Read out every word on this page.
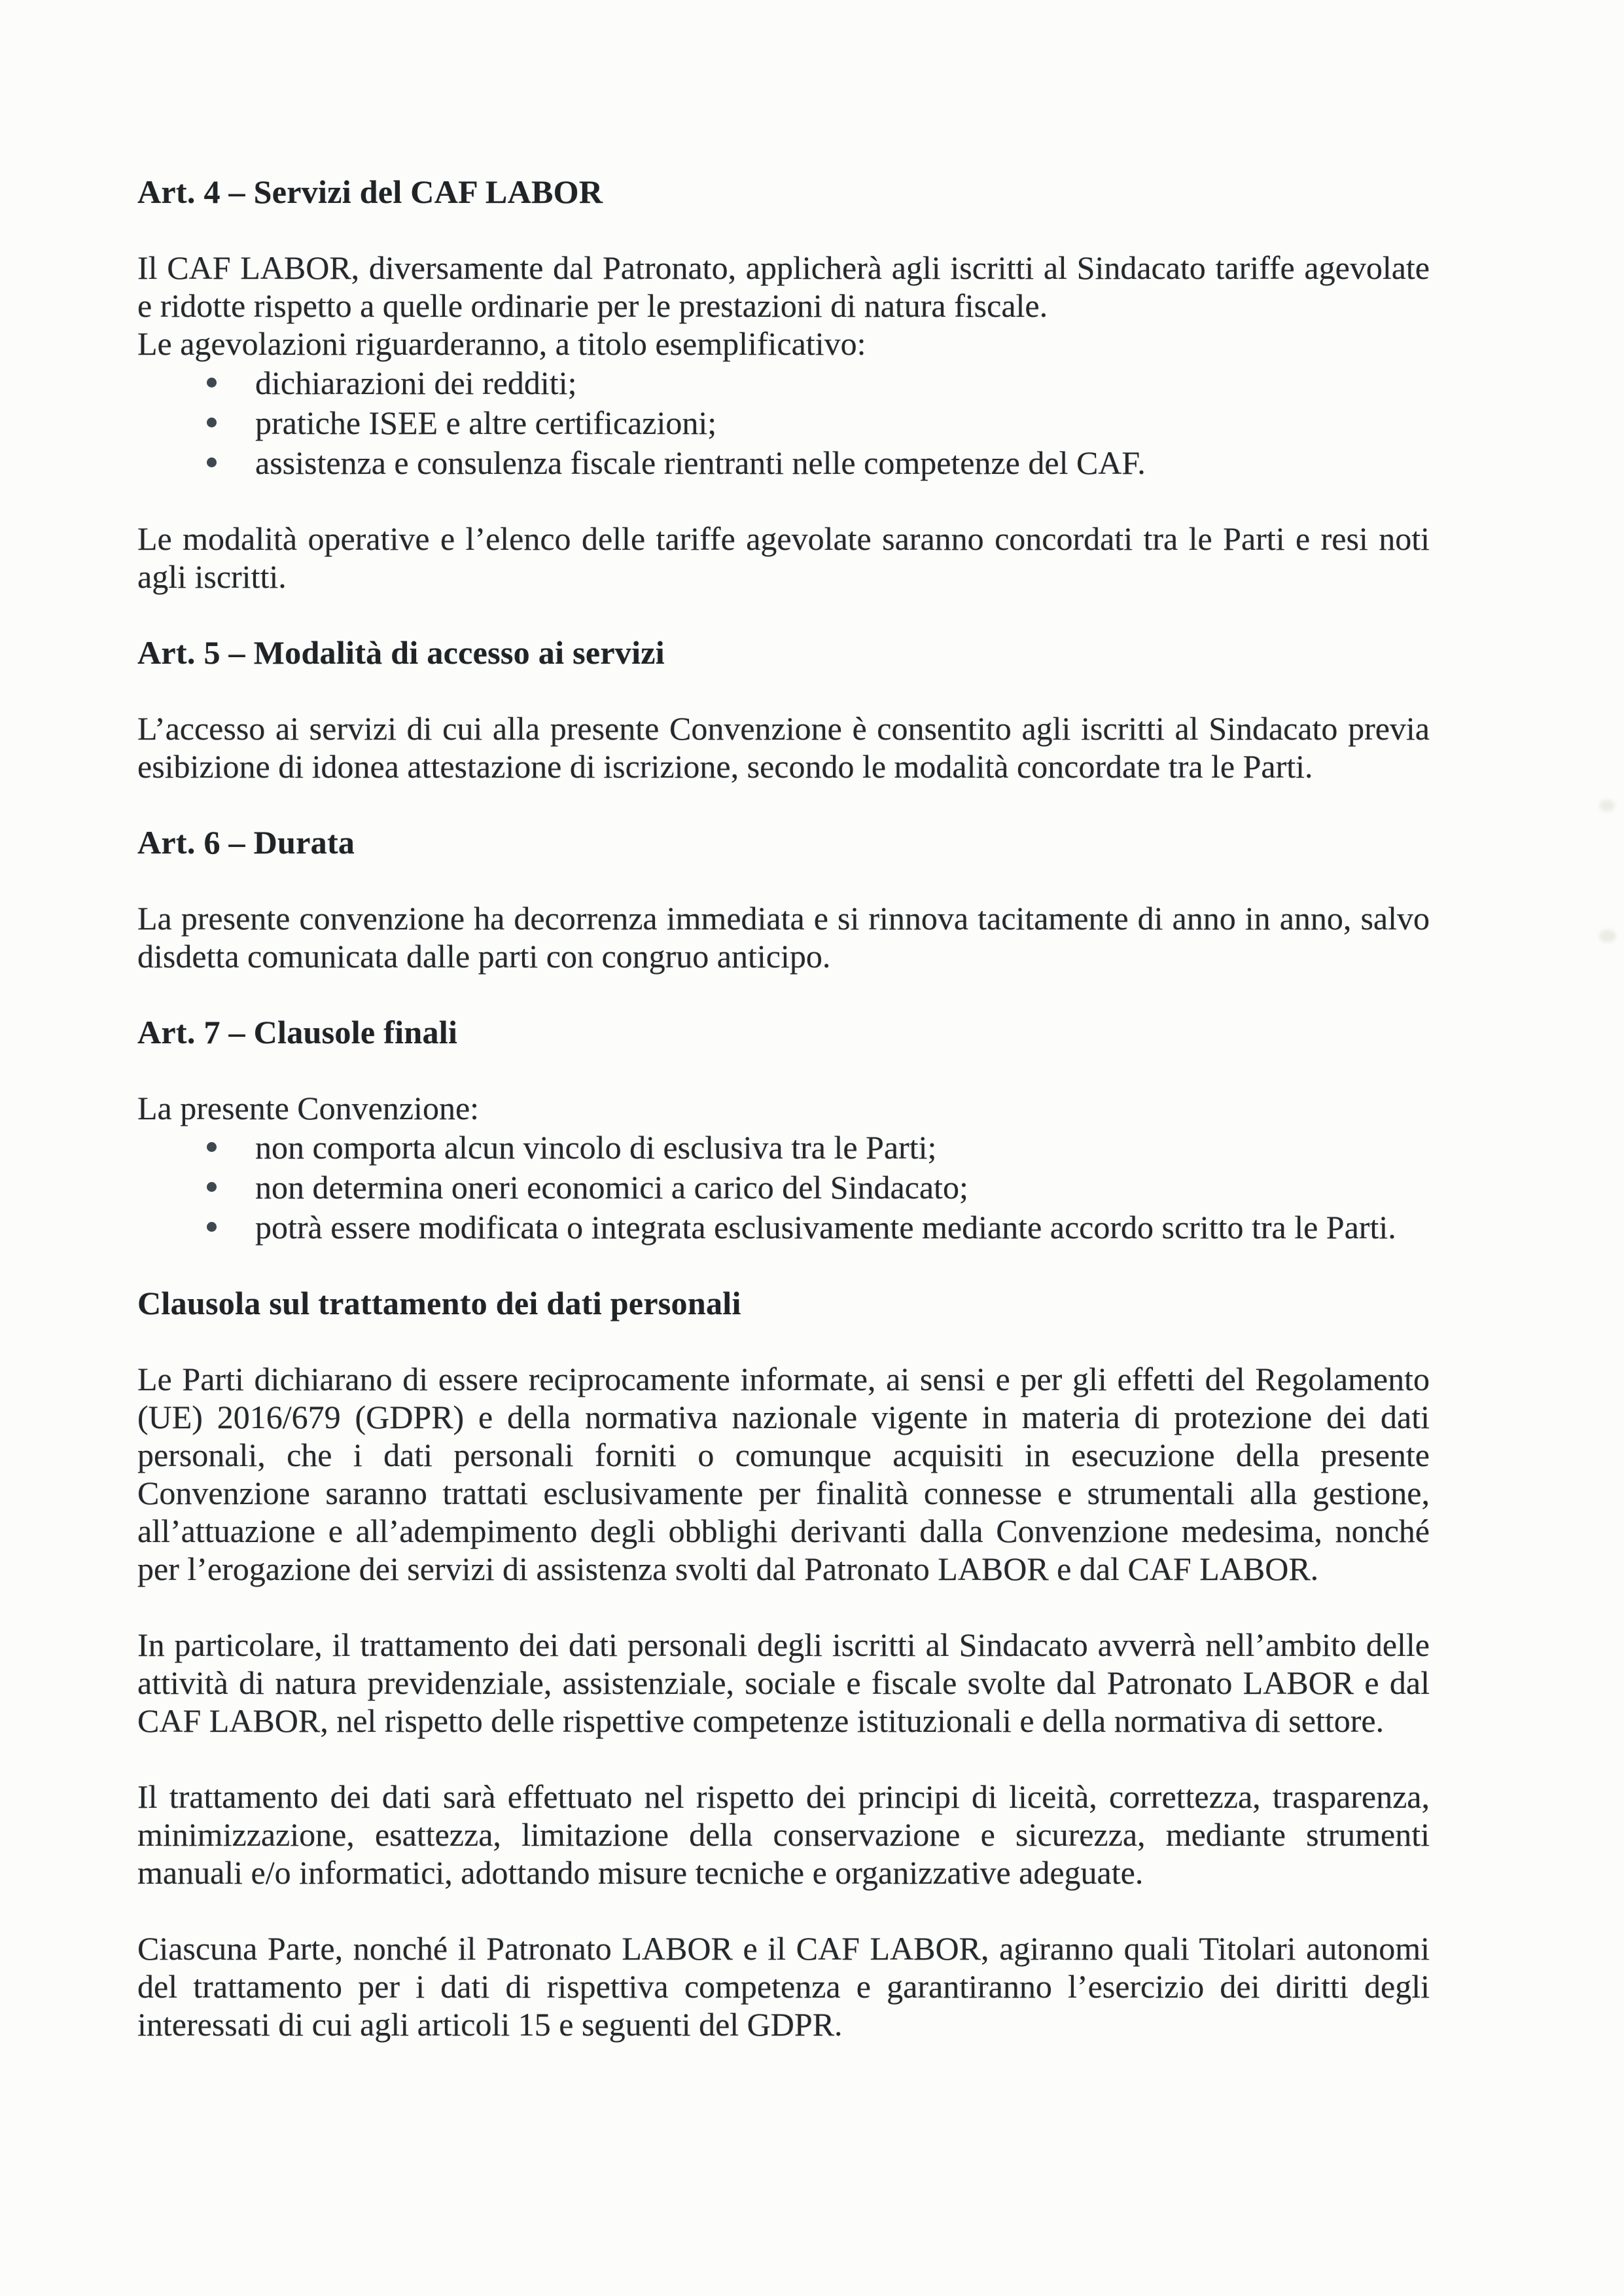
Art. 4 – Servizi del CAF LABOR

Il CAF LABOR, diversamente dal Patronato, applicherà agli iscritti al Sindacato tariffe agevolate e ridotte rispetto a quelle ordinarie per le prestazioni di natura fiscale.

Le agevolazioni riguarderanno, a titolo esemplificativo:

dichiarazioni dei redditi;
pratiche ISEE e altre certificazioni;
assistenza e consulenza fiscale rientranti nelle competenze del CAF.

Le modalità operative e l’elenco delle tariffe agevolate saranno concordati tra le Parti e resi noti agli iscritti.

Art. 5 – Modalità di accesso ai servizi

L’accesso ai servizi di cui alla presente Convenzione è consentito agli iscritti al Sindacato previa esibizione di idonea attestazione di iscrizione, secondo le modalità concordate tra le Parti.

Art. 6 – Durata

La presente convenzione ha decorrenza immediata e si rinnova tacitamente di anno in anno, salvo disdetta comunicata dalle parti con congruo anticipo.

Art. 7 – Clausole finali

La presente Convenzione:

non comporta alcun vincolo di esclusiva tra le Parti;
non determina oneri economici a carico del Sindacato;
potrà essere modificata o integrata esclusivamente mediante accordo scritto tra le Parti.
Clausola sul trattamento dei dati personali

Le Parti dichiarano di essere reciprocamente informate, ai sensi e per gli effetti del Regolamento (UE) 2016/679 (GDPR) e della normativa nazionale vigente in materia di protezione dei dati personali, che i dati personali forniti o comunque acquisiti in esecuzione della presente Convenzione saranno trattati esclusivamente per finalità connesse e strumentali alla gestione, all’attuazione e all’adempimento degli obblighi derivanti dalla Convenzione medesima, nonché per l’erogazione dei servizi di assistenza svolti dal Patronato LABOR e dal CAF LABOR.

In particolare, il trattamento dei dati personali degli iscritti al Sindacato avverrà nell’ambito delle attività di natura previdenziale, assistenziale, sociale e fiscale svolte dal Patronato LABOR e dal CAF LABOR, nel rispetto delle rispettive competenze istituzionali e della normativa di settore.

Il trattamento dei dati sarà effettuato nel rispetto dei principi di liceità, correttezza, trasparenza, minimizzazione, esattezza, limitazione della conservazione e sicurezza, mediante strumenti manuali e/o informatici, adottando misure tecniche e organizzative adeguate.

Ciascuna Parte, nonché il Patronato LABOR e il CAF LABOR, agiranno quali Titolari autonomi del trattamento per i dati di rispettiva competenza e garantiranno l’esercizio dei diritti degli interessati di cui agli articoli 15 e seguenti del GDPR.
